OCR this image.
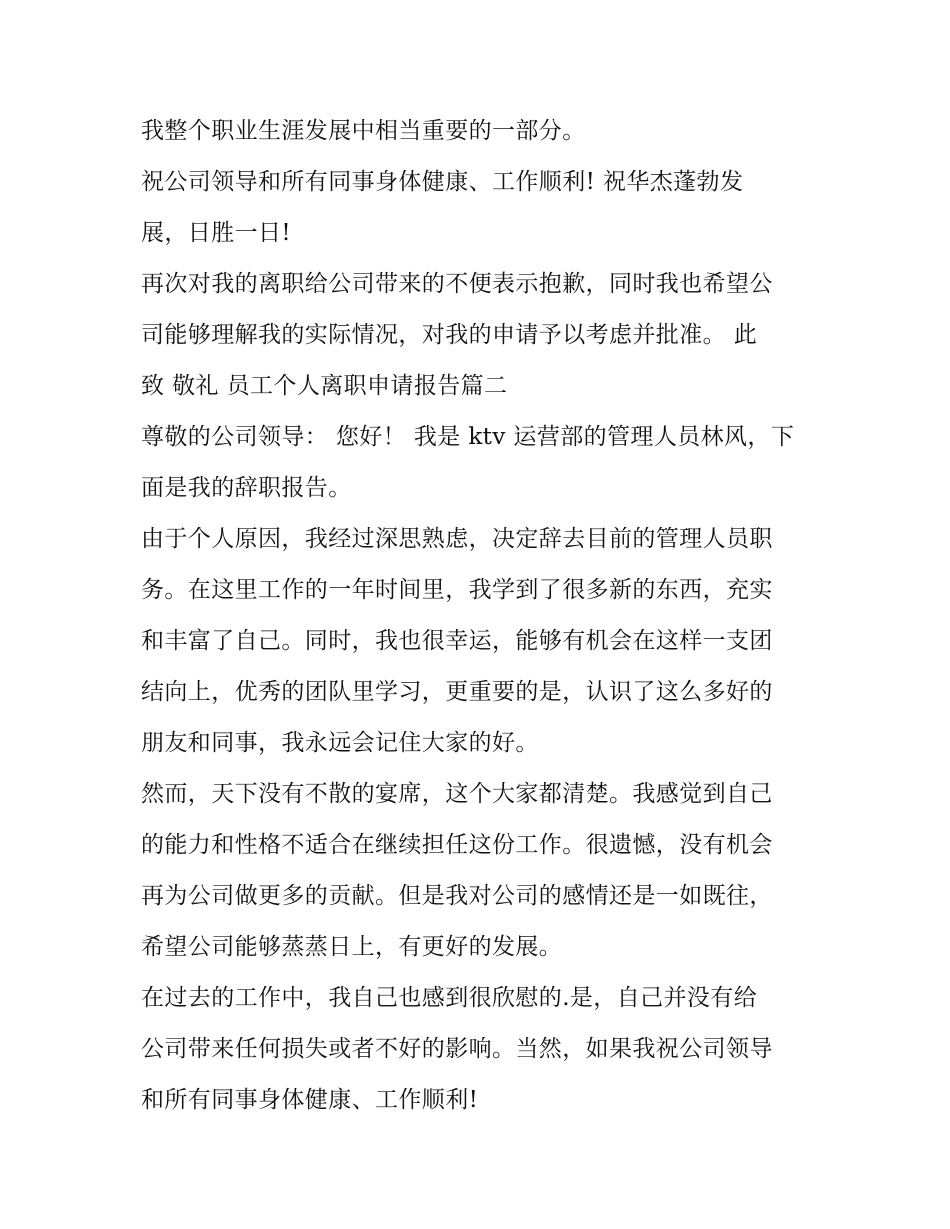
我整个职业生涯发展中相当重要的一部分。
祝公司领导和所有同事身体健康、工作顺利! 祝华杰蓬勃发
展，日胜一日!
再次对我的离职给公司带来的不便表示抱歉，同时我也希望公
司能够理解我的实际情况，对我的申请予以考虑并批准。 此
致 敬礼 员工个人离职申请报告篇二
尊敬的公司领导： 您好！ 我是 ktv 运营部的管理人员林风，下
面是我的辞职报告。
由于个人原因，我经过深思熟虑，决定辞去目前的管理人员职
务。在这里工作的一年时间里，我学到了很多新的东西，充实
和丰富了自己。同时，我也很幸运，能够有机会在这样一支团
结向上，优秀的团队里学习，更重要的是，认识了这么多好的
朋友和同事，我永远会记住大家的好。
然而，天下没有不散的宴席，这个大家都清楚。我感觉到自己
的能力和性格不适合在继续担任这份工作。很遗憾，没有机会
再为公司做更多的贡献。但是我对公司的感情还是一如既往，
希望公司能够蒸蒸日上，有更好的发展。
在过去的工作中，我自己也感到很欣慰的.是，自己并没有给
公司带来任何损失或者不好的影响。当然，如果我祝公司领导
和所有同事身体健康、工作顺利!
